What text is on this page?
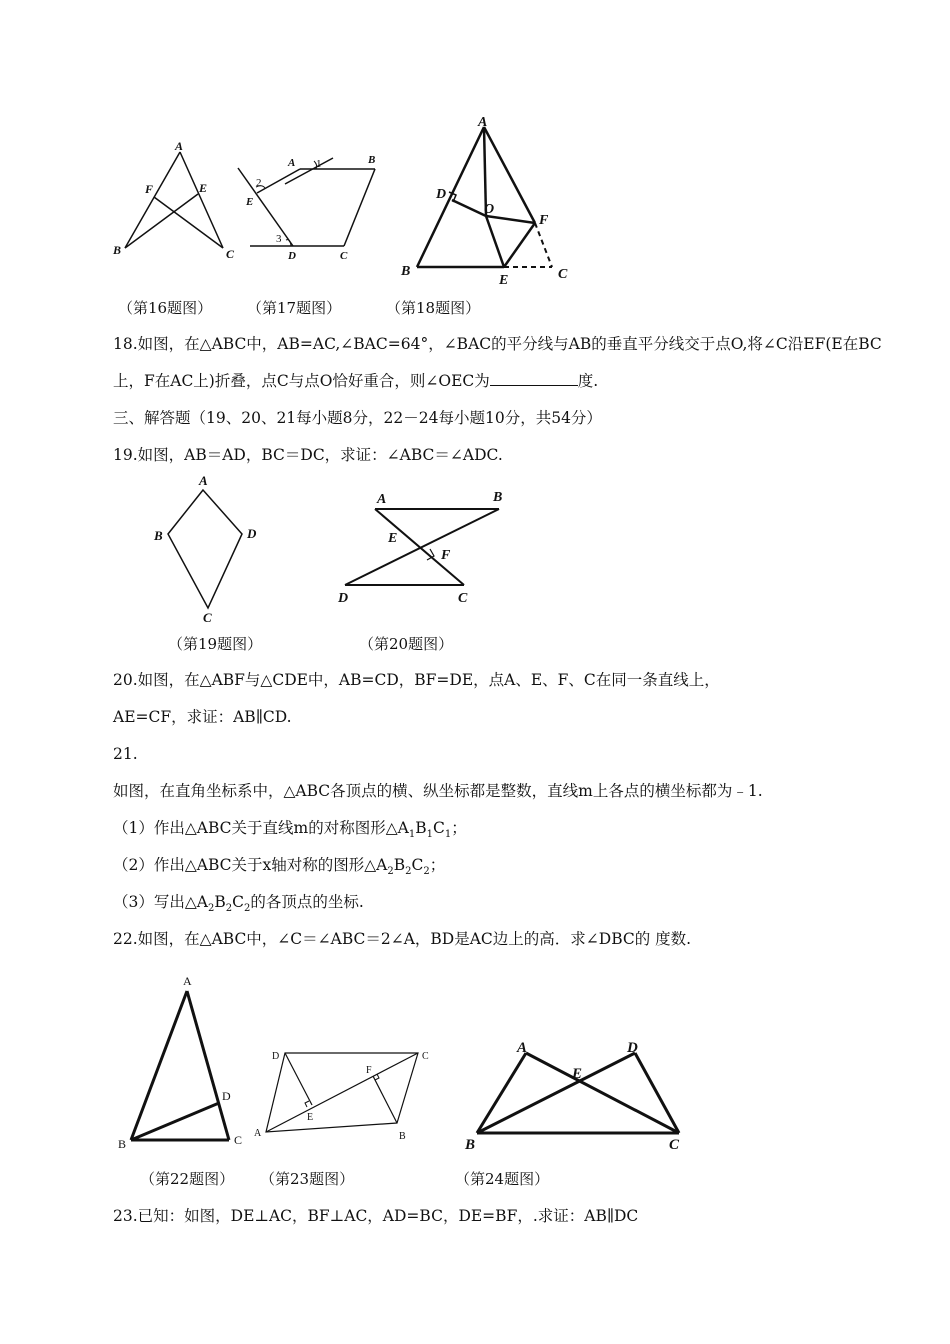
A
F	E
B	C
A 1	B
2
E
3
D	C
A
D
O
F
B
E	C
（第16题图） （第17题图）	（第18题图）
18.如图，在△ABC中，AB=AC,∠BAC=64°，∠BAC的平分线与AB的垂直平分线交于点O,将∠C沿EF(E在BC
上，F在AC上)折叠，点C与点O恰好重合，则∠OEC为	度.
三、解答题（19、20、21每小题8分，22－24每小题10分，共54分）
19.如图，AB＝AD，BC＝DC，求证：∠ABC＝∠ADC.
A
B	D
C
A	B
E
F
D	C
（第19题图）	（第20题图）
20.如图，在△ABF与△CDE中，AB=CD，BF=DE，点A、E、F、C在同一条直线上，
AE=CF，求证：AB∥CD.
21.
如图，在直角坐标系中，△ABC各顶点的横、纵坐标都是整数，直线m上各点的横坐标都为﹣1.
（1）作出△ABC关于直线m的对称图形$\triangle A_1B_1C_1$；
（2）作出△ABC关于x轴对称的图形$\triangle A_2B_2C_2$；
（3）写出$\triangle A_2B_2C_2$的各顶点的坐标.
22.如图，在△ABC中，∠C＝∠ABC＝2∠A，BD是AC边上的高．求∠DBC的 度数.
A
D
B	C
D	C
F
E
A	B
A	D
E
B	C
（第22题图） （第23题图）	（第24题图）
23.已知：如图，DE⊥AC，BF⊥AC，AD=BC，DE=BF，.求证：AB∥DC
